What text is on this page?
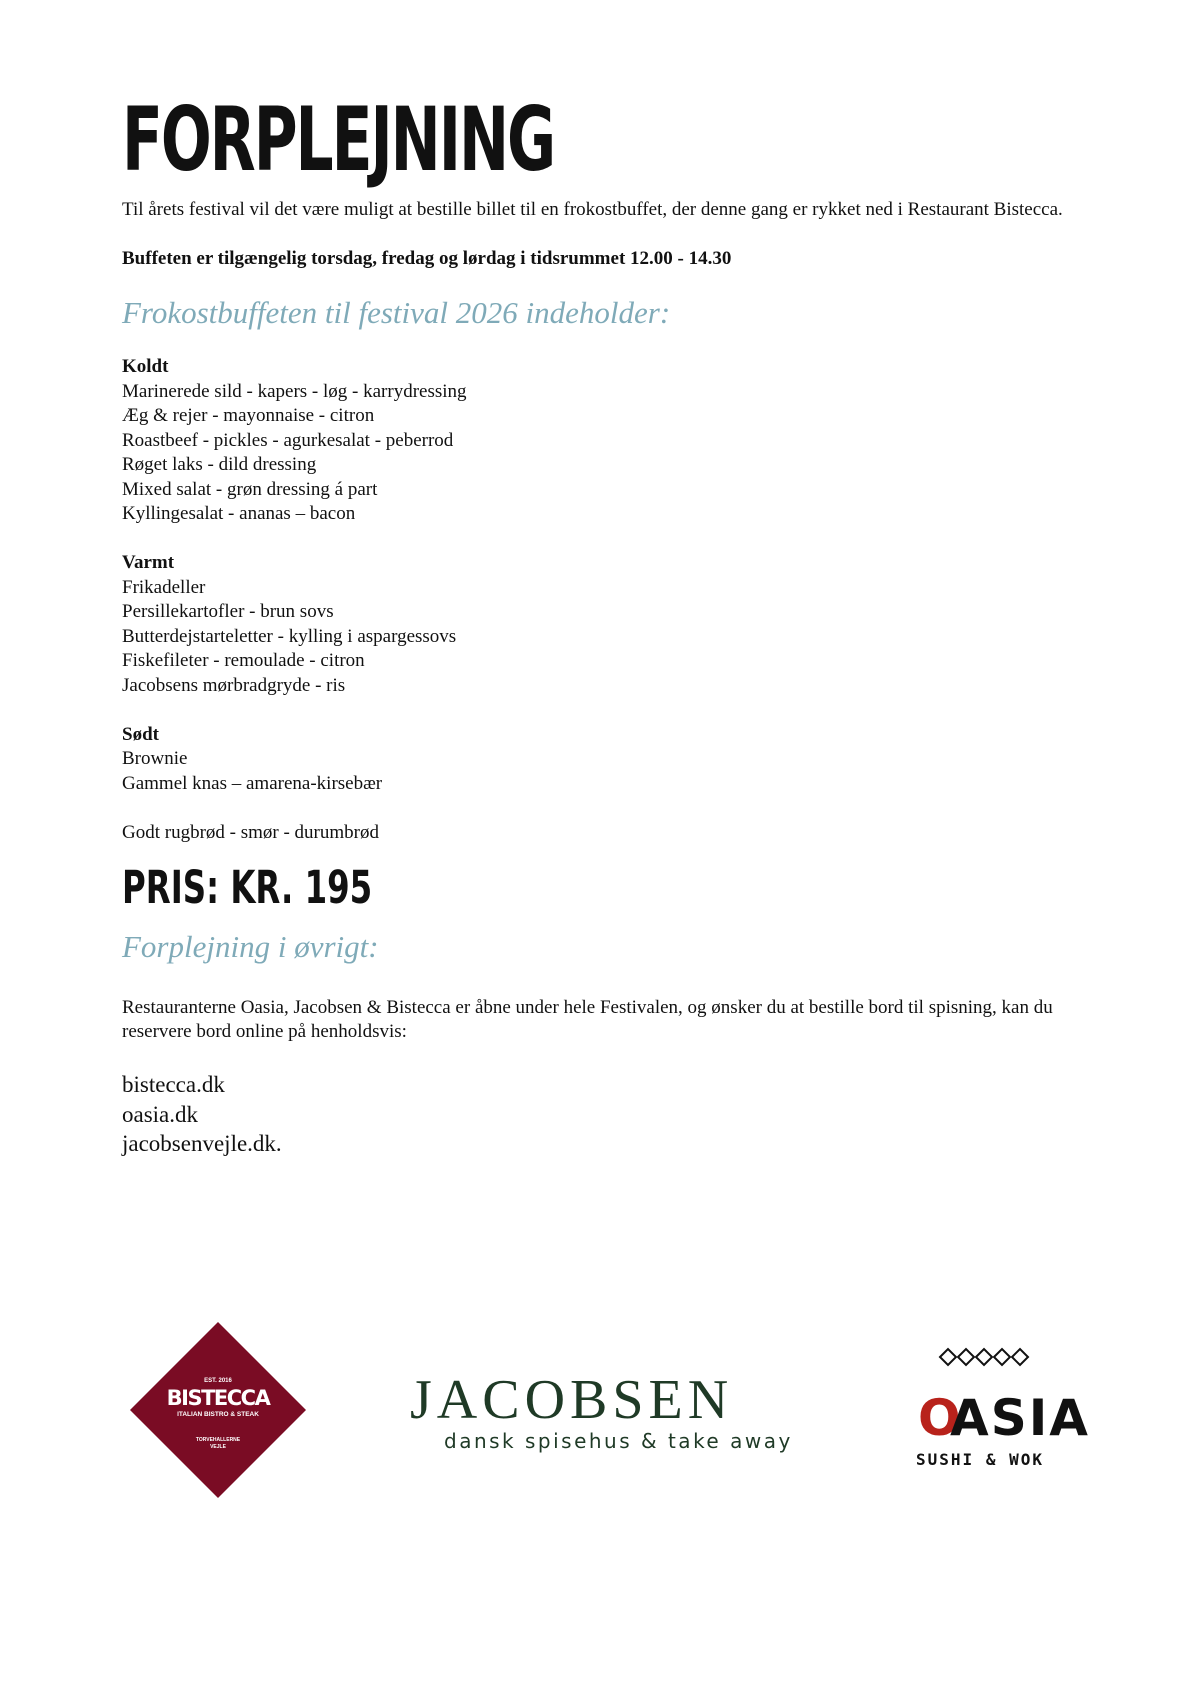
FORPLEJNING

Til årets festival vil det være muligt at bestille billet til en frokostbuffet, der denne gang er rykket ned i Restaurant Bistecca.

Buffeten er tilgængelig torsdag, fredag og lørdag i tidsrummet 12.00 - 14.30

Frokostbuffeten til festival 2026 indeholder:
Koldt
Marinerede sild - kapers - løg - karrydressing
Æg & rejer - mayonnaise - citron
Roastbeef - pickles - agurkesalat - peberrod
Røget laks - dild dressing
Mixed salat - grøn dressing á part
Kyllingesalat - ananas – bacon
Varmt
Frikadeller
Persillekartofler - brun sovs
Butterdejstarteletter - kylling i aspargessovs
Fiskefileter - remoulade - citron
Jacobsens mørbradgryde - ris
Sødt
Brownie
Gammel knas – amarena-kirsebær
Godt rugbrød - smør - durumbrød
PRIS: KR. 195
Forplejning i øvrigt:

Restauranterne Oasia, Jacobsen & Bistecca er åbne under hele Festivalen, og ønsker du at bestille bord til spisning, kan du reservere bord online på henholdsvis:

bistecca.dk
oasia.dk
jacobsenvejle.dk.
EST. 2016
BISTECCA
ITALIAN BISTRO & STEAK
TORVEHALLERNE
VEJLE
JACOBSEN
dansk spisehus & take away	O
ASIA
SUSHI & WOK
